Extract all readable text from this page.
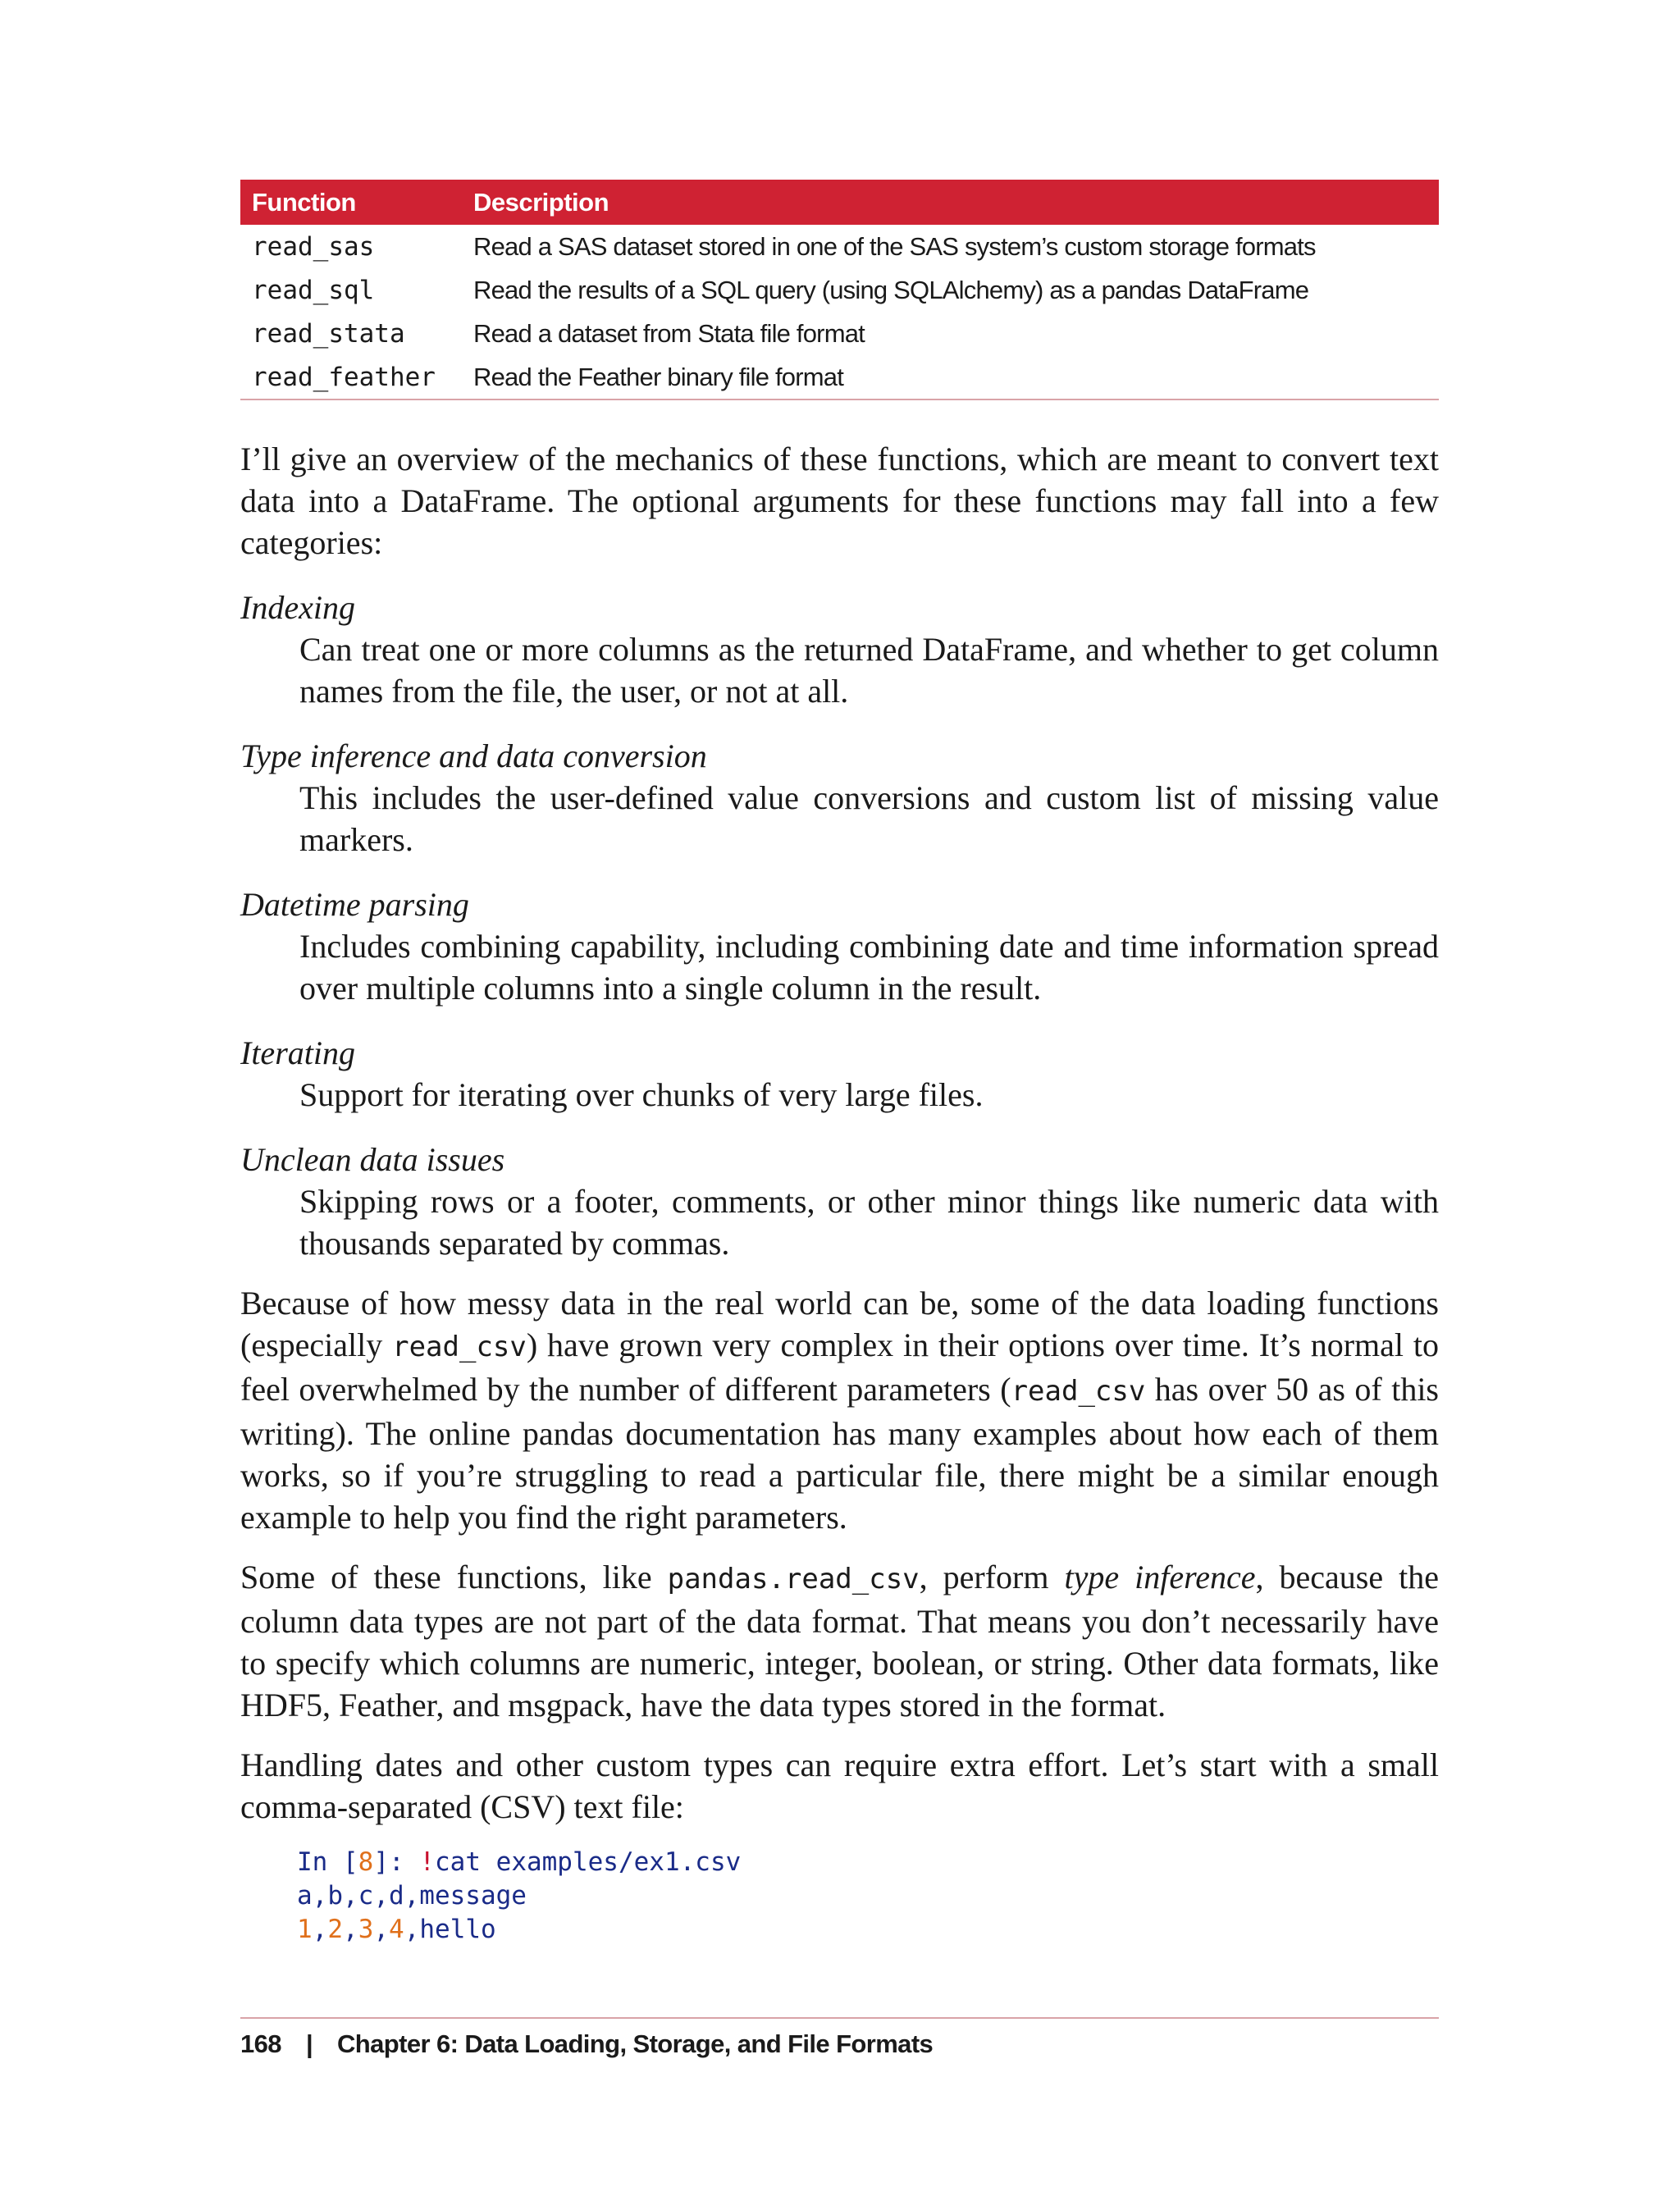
Function	Description
read_sas	Read a SAS dataset stored in one of the SAS system’s custom storage formats
read_sql	Read the results of a SQL query (using SQLAlchemy) as a pandas DataFrame
read_stata	Read a dataset from Stata file format
read_feather	Read the Feather binary file format

I’ll give an overview of the mechanics of these functions, which are meant to convert text data into a DataFrame. The optional arguments for these functions may fall into a few categories:

Indexing

Can treat one or more columns as the returned DataFrame, and whether to get column names from the file, the user, or not at all.

Type inference and data conversion

This includes the user-defined value conversions and custom list of missing value markers.

Datetime parsing

Includes combining capability, including combining date and time information spread over multiple columns into a single column in the result.

Iterating

Support for iterating over chunks of very large files.

Unclean data issues

Skipping rows or a footer, comments, or other minor things like numeric data with thousands separated by commas.

Because of how messy data in the real world can be, some of the data loading functions (especially read_csv) have grown very complex in their options over time. It’s normal to feel overwhelmed by the number of different parameters (read_csv has over 50 as of this writing). The online pandas documentation has many examples about how each of them works, so if you’re struggling to read a particular file, there might be a similar enough example to help you find the right parameters.

Some of these functions, like pandas.read_csv, perform type inference, because the column data types are not part of the data format. That means you don’t necessarily have to specify which columns are numeric, integer, boolean, or string. Other data formats, like HDF5, Feather, and msgpack, have the data types stored in the format.

Handling dates and other custom types can require extra effort. Let’s start with a small comma-separated (CSV) text file:

In [8]: !cat examples/ex1.csv
a,b,c,d,message
1,2,3,4,hello
168 | Chapter 6: Data Loading, Storage, and File Formats
